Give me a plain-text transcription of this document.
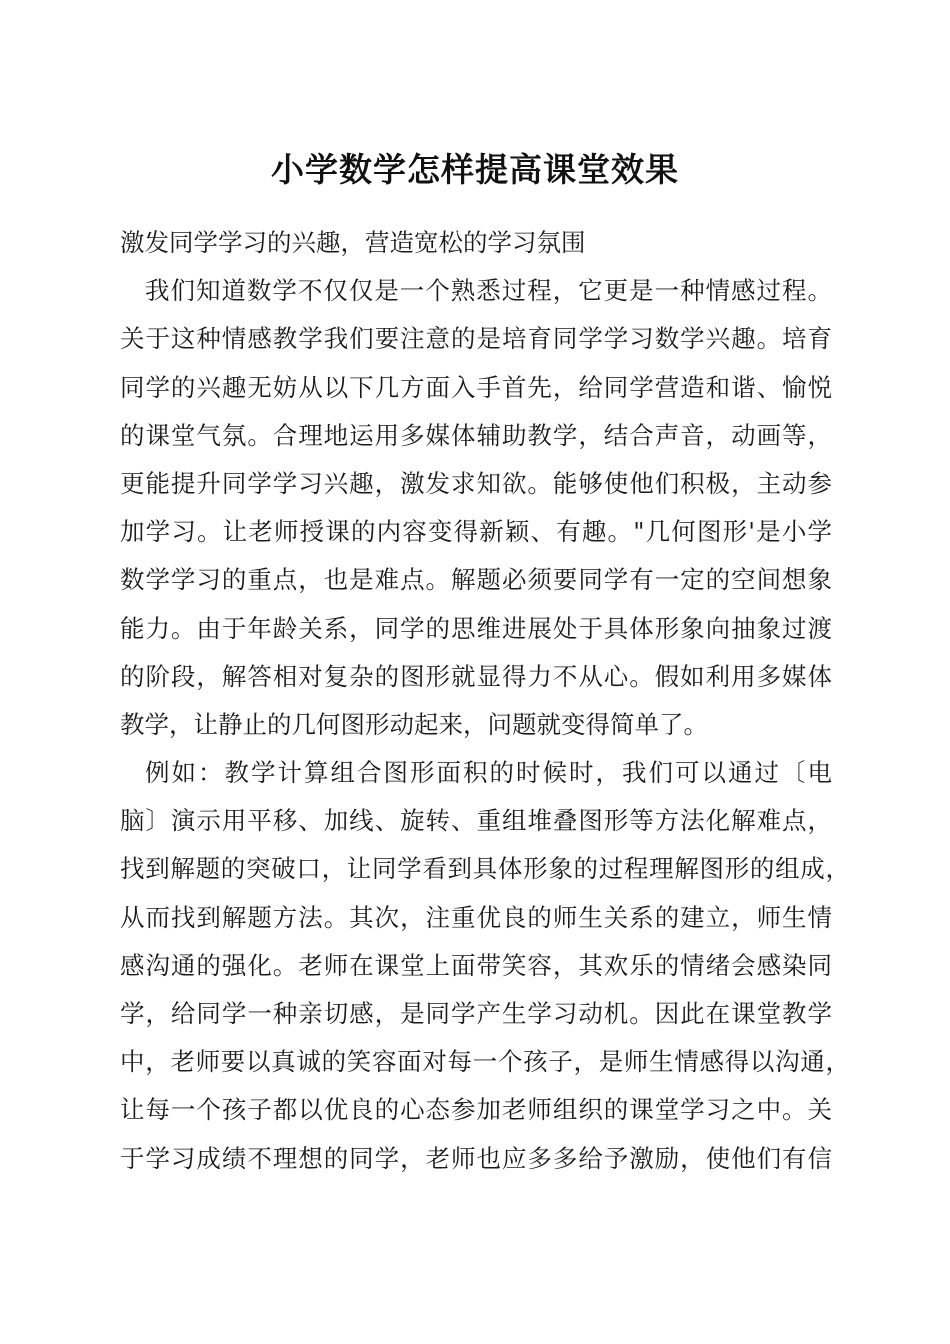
小学数学怎样提高课堂效果
激发同学学习的兴趣，营造宽松的学习氛围
我们知道数学不仅仅是一个熟悉过程，它更是一种情感过程。
关于这种情感教学我们要注意的是培育同学学习数学兴趣。培育
同学的兴趣无妨从以下几方面入手首先，给同学营造和谐、愉悦
的课堂气氛。合理地运用多媒体辅助教学，结合声音，动画等，
更能提升同学学习兴趣，激发求知欲。能够使他们积极，主动参
加学习。让老师授课的内容变得新颖、有趣。"几何图形'是小学
数学学习的重点，也是难点。解题必须要同学有一定的空间想象
能力。由于年龄关系，同学的思维进展处于具体形象向抽象过渡
的阶段，解答相对复杂的图形就显得力不从心。假如利用多媒体
教学，让静止的几何图形动起来，问题就变得简单了。
例如：教学计算组合图形面积的时候时，我们可以通过〔电
脑〕演示用平移、加线、旋转、重组堆叠图形等方法化解难点，
找到解题的突破口，让同学看到具体形象的过程理解图形的组成，
从而找到解题方法。其次，注重优良的师生关系的建立，师生情
感沟通的强化。老师在课堂上面带笑容，其欢乐的情绪会感染同
学，给同学一种亲切感，是同学产生学习动机。因此在课堂教学
中，老师要以真诚的笑容面对每一个孩子，是师生情感得以沟通，
让每一个孩子都以优良的心态参加老师组织的课堂学习之中。关
于学习成绩不理想的同学，老师也应多多给予激励，使他们有信
